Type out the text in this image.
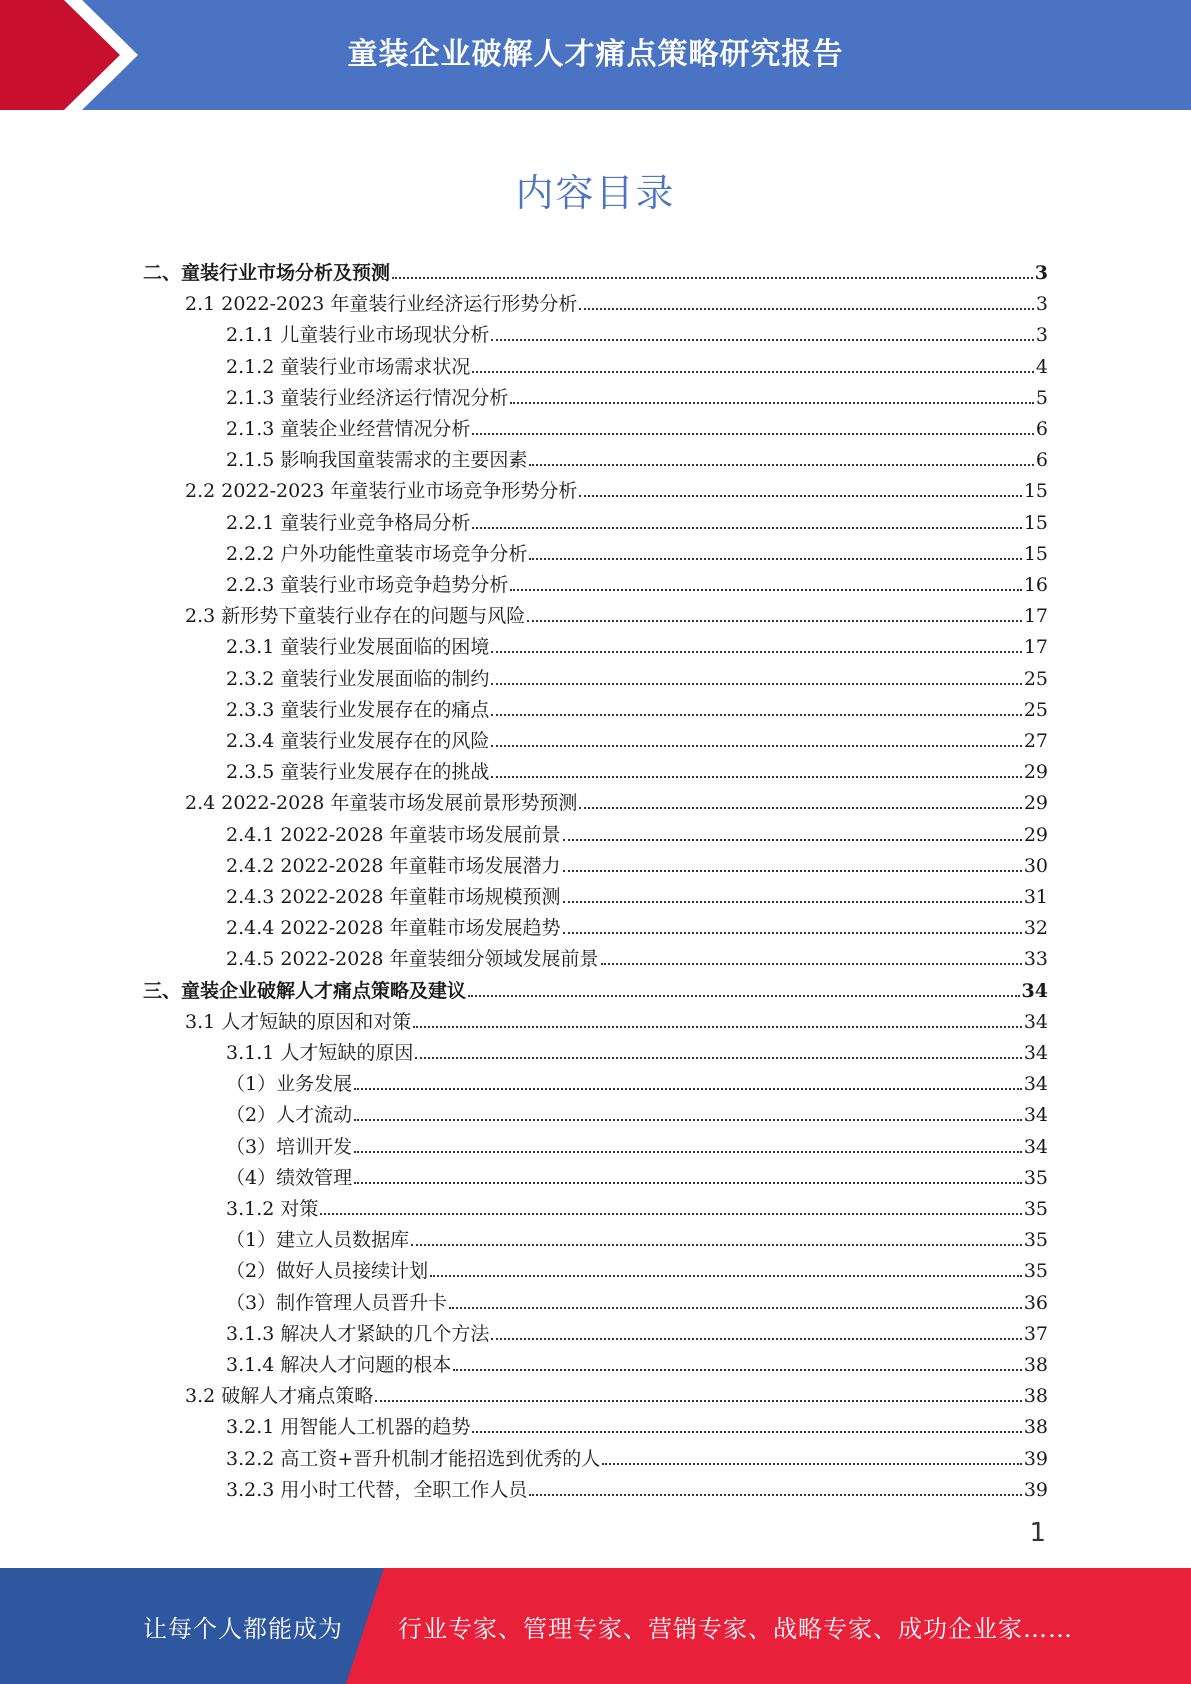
童装企业破解人才痛点策略研究报告
内容目录
二、童装行业市场分析及预测	3
2.1 2022-2023 年童装行业经济运行形势分析	3
2.1.1 儿童装行业市场现状分析	3
2.1.2 童装行业市场需求状况	4
2.1.3 童装行业经济运行情况分析	5
2.1.3 童装企业经营情况分析	6
2.1.5 影响我国童装需求的主要因素	6
2.2 2022-2023 年童装行业市场竞争形势分析	15
2.2.1 童装行业竞争格局分析	15
2.2.2 户外功能性童装市场竞争分析	15
2.2.3 童装行业市场竞争趋势分析	16
2.3 新形势下童装行业存在的问题与风险	17
2.3.1 童装行业发展面临的困境	17
2.3.2 童装行业发展面临的制约	25
2.3.3 童装行业发展存在的痛点	25
2.3.4 童装行业发展存在的风险	27
2.3.5 童装行业发展存在的挑战	29
2.4 2022-2028 年童装市场发展前景形势预测	29
2.4.1 2022-2028 年童装市场发展前景	29
2.4.2 2022-2028 年童鞋市场发展潜力	30
2.4.3 2022-2028 年童鞋市场规模预测	31
2.4.4 2022-2028 年童鞋市场发展趋势	32
2.4.5 2022-2028 年童装细分领域发展前景	33
三、童装企业破解人才痛点策略及建议	34
3.1 人才短缺的原因和对策	34
3.1.1 人才短缺的原因	34
（1）业务发展	34
（2）人才流动	34
（3）培训开发	34
（4）绩效管理	35
3.1.2 对策	35
（1）建立人员数据库	35
（2）做好人员接续计划	35
（3）制作管理人员晋升卡	36
3.1.3 解决人才紧缺的几个方法	37
3.1.4 解决人才问题的根本	38
3.2 破解人才痛点策略	38
3.2.1 用智能人工机器的趋势	38
3.2.2 高工资+晋升机制才能招选到优秀的人	39
3.2.3 用小时工代替，全职工作人员	39
1
让每个人都能成为 行业专家、管理专家、营销专家、战略专家、成功企业家……
